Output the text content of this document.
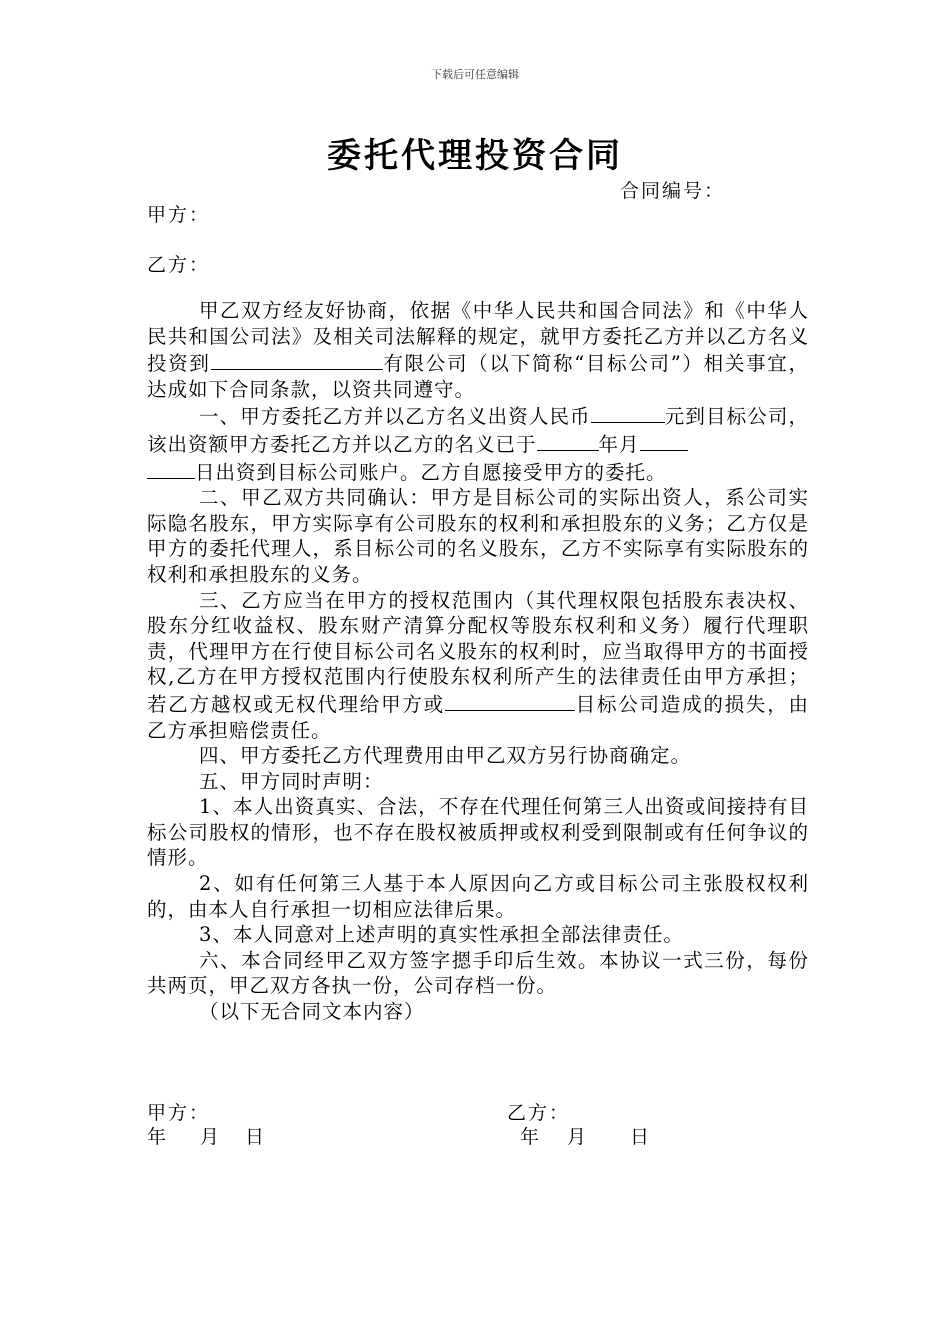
下载后可任意编辑
委托代理投资合同
合同编号：
甲方：
乙方：

甲乙双方经友好协商，依据《中华人民共和国合同法》和《中华人民共和国公司法》及相关司法解释的规定，就甲方委托乙方并以乙方名义投资到	有限公司（以下简称“目标公司”）相关事宜，达成如下合同条款，以资共同遵守。

一、甲方委托乙方并以乙方名义出资人民币	元到目标公司，该出资额甲方委托乙方并以乙方的名义已于	年月
日出资到目标公司账户。乙方自愿接受甲方的委托。

二、甲乙双方共同确认：甲方是目标公司的实际出资人，系公司实际隐名股东，甲方实际享有公司股东的权利和承担股东的义务；乙方仅是甲方的委托代理人，系目标公司的名义股东，乙方不实际享有实际股东的权利和承担股东的义务。

三、乙方应当在甲方的授权范围内（其代理权限包括股东表决权、股东分红收益权、股东财产清算分配权等股东权利和义务）履行代理职责，代理甲方在行使目标公司名义股东的权利时，应当取得甲方的书面授权,乙方在甲方授权范围内行使股东权利所产生的法律责任由甲方承担；若乙方越权或无权代理给甲方或	目标公司造成的损失，由乙方承担赔偿责任。

四、甲方委托乙方代理费用由甲乙双方另行协商确定。

五、甲方同时声明：

1、本人出资真实、合法，不存在代理任何第三人出资或间接持有目标公司股权的情形，也不存在股权被质押或权利受到限制或有任何争议的情形。

2、如有任何第三人基于本人原因向乙方或目标公司主张股权权利的，由本人自行承担一切相应法律后果。

3、本人同意对上述声明的真实性承担全部法律责任。

六、本合同经甲乙双方签字摁手印后生效。本协议一式三份，每份共两页，甲乙双方各执一份，公司存档一份。

（以下无合同文本内容）

甲方：	乙方：
年 月 日	年 月 日
